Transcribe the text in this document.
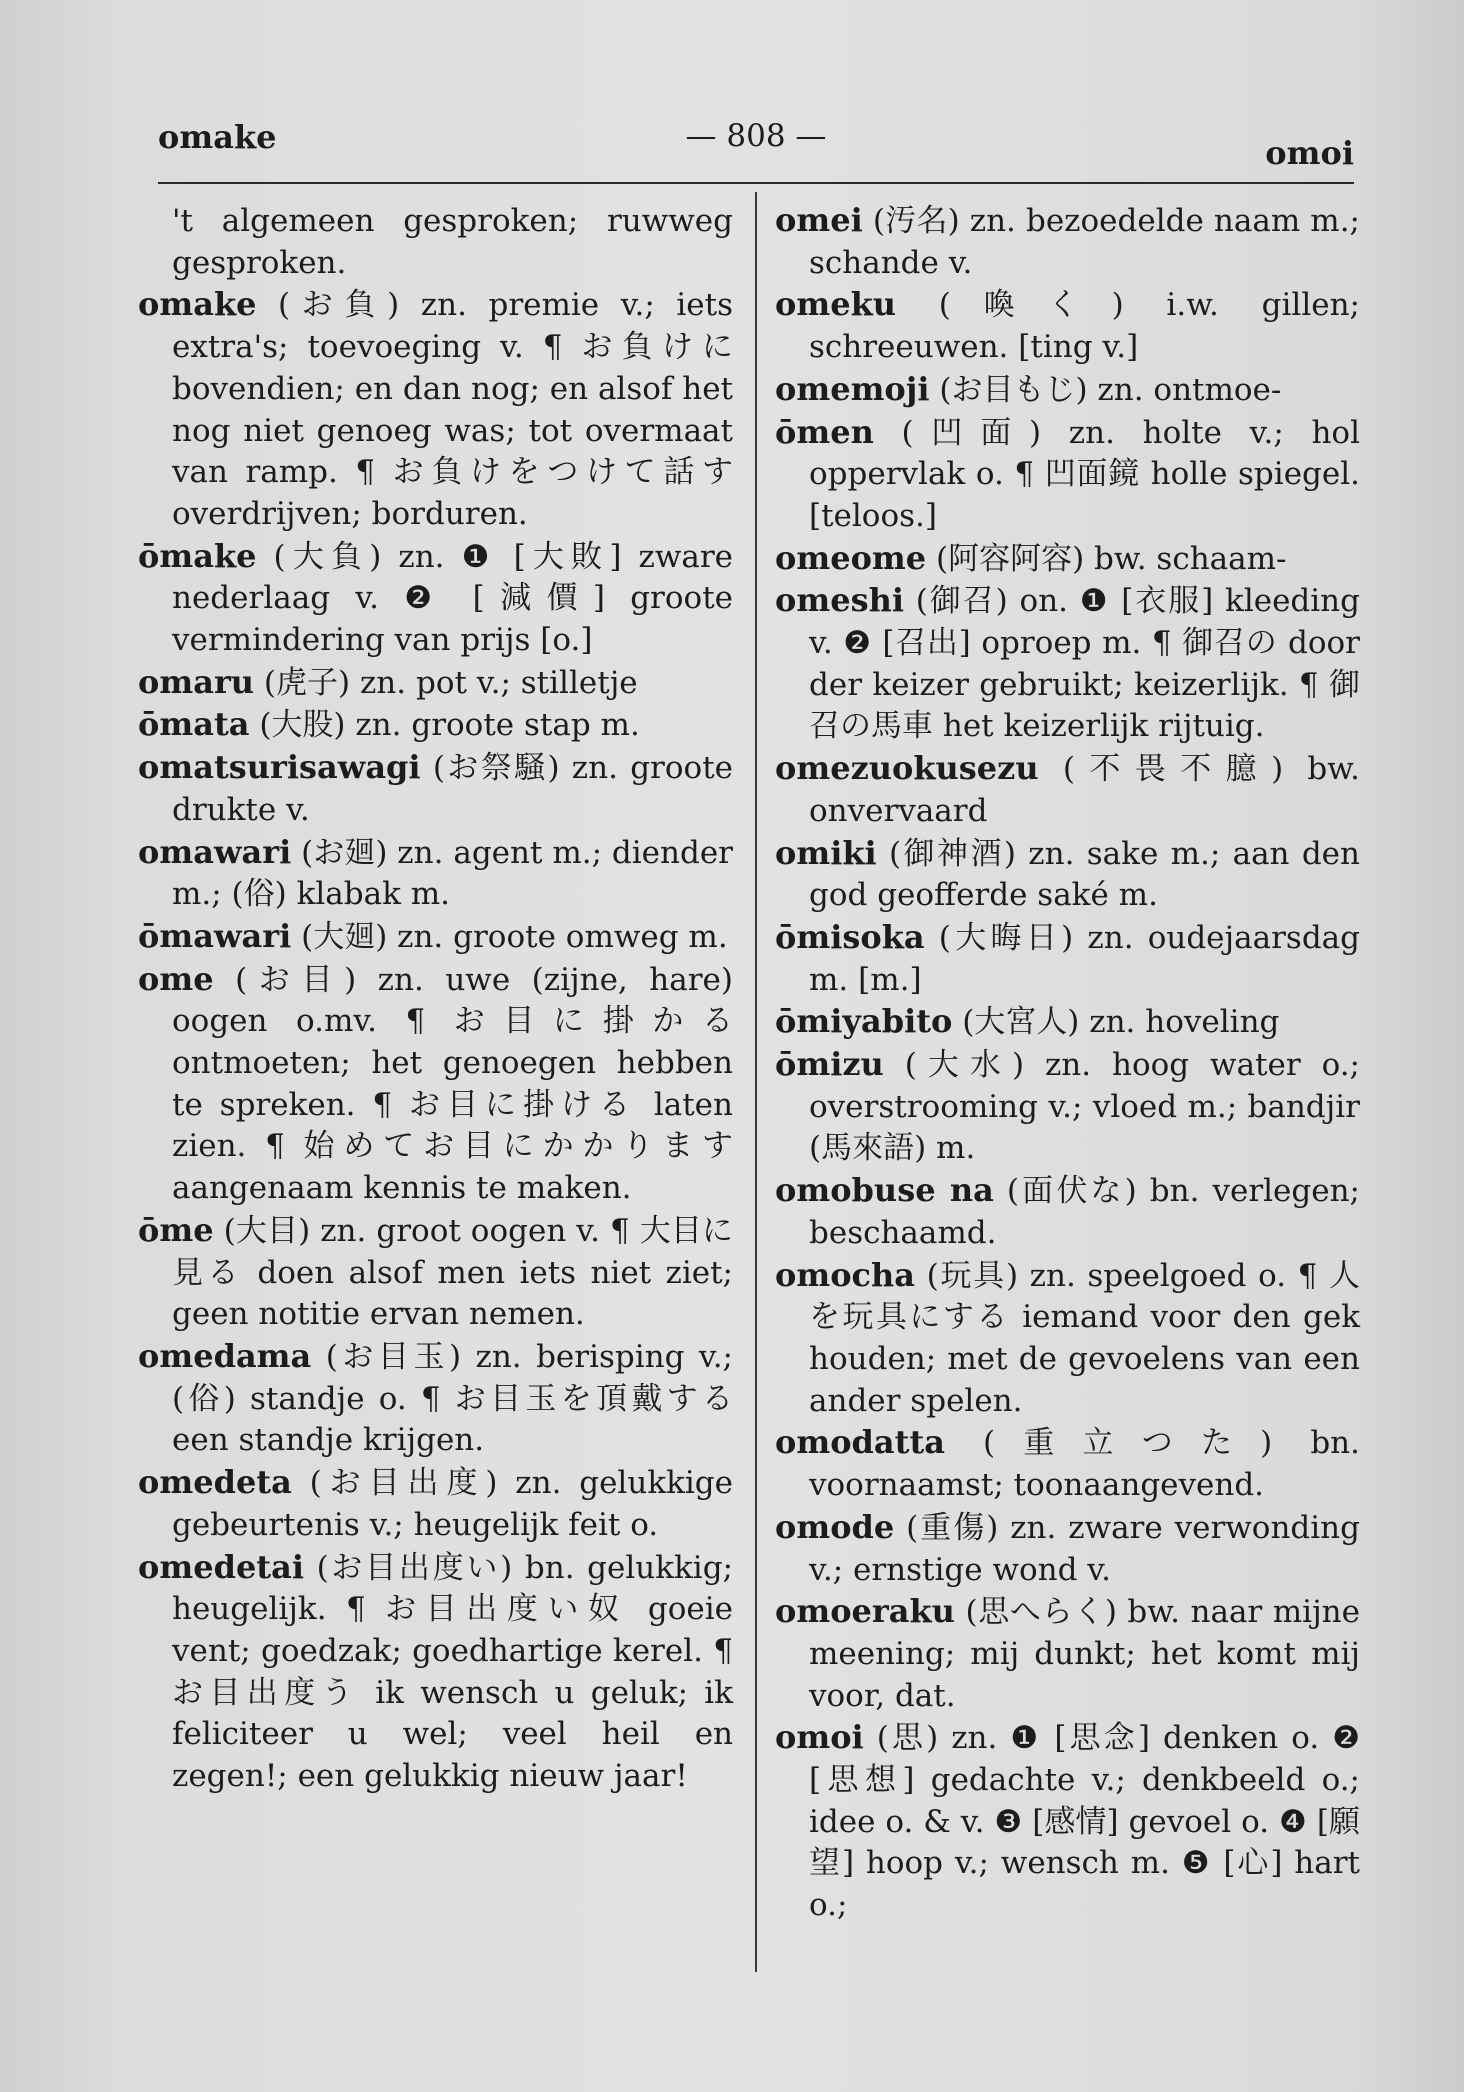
omake	— 808 —	omoi

't algemeen gesproken; ruwweg gesproken.

omake (お負) zn. premie v.; iets extra's; toevoeging v. ¶ お負けに bovendien; en dan nog; en alsof het nog niet genoeg was; tot overmaat van ramp. ¶ お負けをつけて話す overdrijven; borduren.

ōmake (大負) zn. ❶ [大敗] zware nederlaag v. ❷ [減價] groote vermindering van prijs [o.]

omaru (虎子) zn. pot v.; stilletje

ōmata (大股) zn. groote stap m.

omatsurisawagi (お祭騒) zn. groote drukte v.

omawari (お廻) zn. agent m.; diender m.; (俗) klabak m.

ōmawari (大廻) zn. groote omweg m.

ome (お目) zn. uwe (zijne, hare) oogen o.mv. ¶ お目に掛かる ontmoeten; het genoegen hebben te spreken. ¶ お目に掛ける laten zien. ¶ 始めてお目にかかります aangenaam kennis te maken.

ōme (大目) zn. groot oogen v. ¶ 大目に見る doen alsof men iets niet ziet; geen notitie ervan nemen.

omedama (お目玉) zn. berisping v.; (俗) standje o. ¶ お目玉を頂戴する een standje krijgen.

omedeta (お目出度) zn. gelukkige gebeurtenis v.; heugelijk feit o.

omedetai (お目出度い) bn. gelukkig; heugelijk. ¶ お目出度い奴 goeie vent; goedzak; goedhartige kerel. ¶ お目出度う ik wensch u geluk; ik feliciteer u wel; veel heil en zegen!; een gelukkig nieuw jaar!

omei (汚名) zn. bezoedelde naam m.; schande v.

omeku (喚く) i.w. gillen; schreeuwen. [ting v.]

omemoji (お目もじ) zn. ontmoe-

ōmen (凹面) zn. holte v.; hol oppervlak o. ¶ 凹面鏡 holle spiegel. [teloos.]

omeome (阿容阿容) bw. schaam-

omeshi (御召) on. ❶ [衣服] kleeding v. ❷ [召出] oproep m. ¶ 御召の door der keizer gebruikt; keizerlijk. ¶ 御召の馬車 het keizerlijk rijtuig.

omezuokusezu (不畏不臆) bw. onvervaard

omiki (御神酒) zn. sake m.; aan den god geofferde saké m.

ōmisoka (大晦日) zn. oudejaarsdag m. [m.]

ōmiyabito (大宮人) zn. hoveling

ōmizu (大水) zn. hoog water o.; overstrooming v.; vloed m.; bandjir (馬來語) m.

omobuse na (面伏な) bn. verlegen; beschaamd.

omocha (玩具) zn. speelgoed o. ¶ 人を玩具にする iemand voor den gek houden; met de gevoelens van een ander spelen.

omodatta (重立つた) bn. voornaamst; toonaangevend.

omode (重傷) zn. zware verwonding v.; ernstige wond v.

omoeraku (思へらく) bw. naar mijne meening; mij dunkt; het komt mij voor, dat.

omoi (思) zn. ❶ [思念] denken o. ❷ [思想] gedachte v.; denkbeeld o.; idee o. & v. ❸ [感情] gevoel o. ❹ [願望] hoop v.; wensch m. ❺ [心] hart o.;
